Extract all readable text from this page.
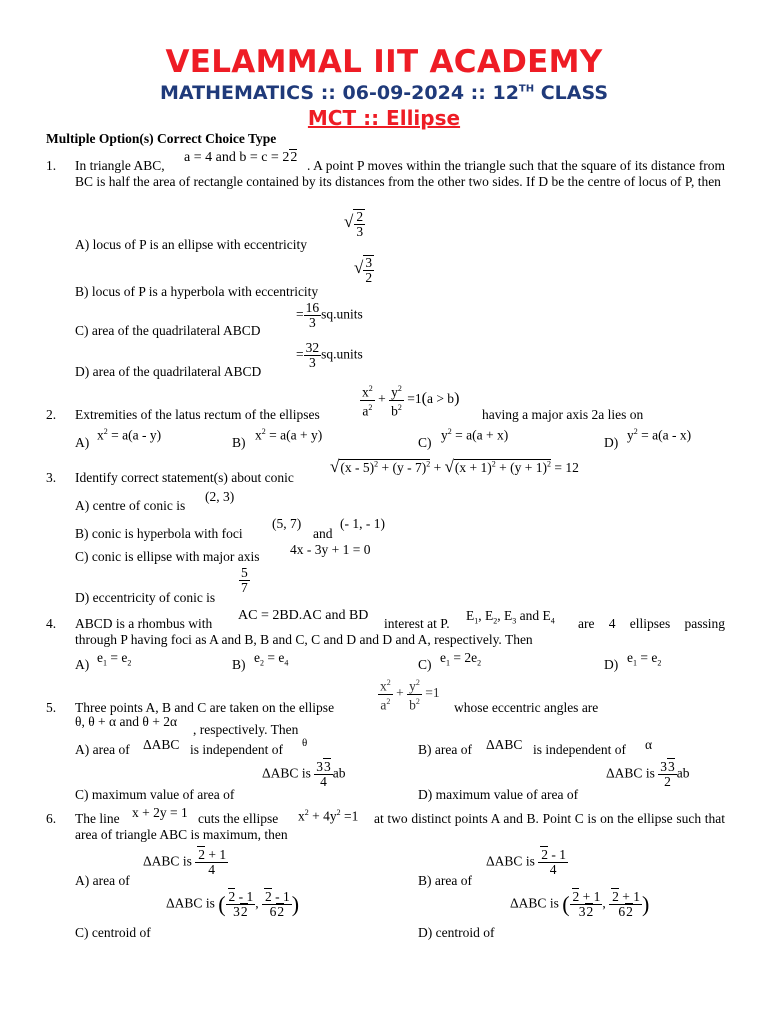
VELAMMAL IIT ACADEMY
MATHEMATICS :: 06-09-2024 :: 12TH CLASS
MCT :: Ellipse
Multiple Option(s) Correct Choice Type
1. In triangle ABC,
a = 4 and b = c = 22
. A point P moves within the triangle such that the square of its distance from BC is half the area of rectangle contained by its distances from the other two sides. If D be the centre of locus of P, then
A) locus of P is an ellipse with eccentricity
√ $\frac{2}{3}$
B) locus of P is a hyperbola with eccentricity
√ $\frac{3}{2}$
C) area of the quadrilateral ABCD
= $\frac{16}{3}$ sq.units
D) area of the quadrilateral ABCD
= $\frac{32}{3}$ sq.units
2. Extremities of the latus rectum of the ellipses	$\frac{x^2}{a^2} + \frac{y^2}{b^2} =1(a > b)$
having a major axis 2a lies on
A) $x^2 = a(a - y)$	B) $x^2 = a(a + y)$	C) $y^2 = a(a + x)$	D) $y^2 = a(a - x)$
3. Identify correct statement(s) about conic
$√(x - 5)^2 + (y - 7)^2 + √(x + 1)^2 + (y + 1)^2 = 12$
A) centre of conic is
(2, 3)
B) conic is hyperbola with foci
(5, 7)
and
(- 1, - 1)
C) conic is ellipse with major axis 4x - 3y + 1 = 0
D) eccentricity of conic is
$\frac{5}{7}$
4. ABCD is a rhombus with
AC = 2BD.AC and BD
interest at P.
$E_1$, $E_2$, $E_3$ and $E_4$	are 4 ellipses passing through P having foci as A and B, B and C, C and D and D and A, respectively. Then
A) $e_1 = e_2$	B) $e_2 = e_4$	C) $e_1 = 2e_2$	D) $e_1 = e_2$
5. Three points A, B and C are taken on the ellipse	$\frac{x^2}{a^2} + \frac{y^2}{b^2} =1$
whose eccentric angles are
θ, θ + α and θ + 2α
, respectively. Then
A) area of ΔABC is independent of θ	B) area of ΔABC is independent of α
C) maximum value of area of
ΔABC is $\frac{33}{4}$ ab
D) maximum value of area of
ΔABC is $\frac{33}{2}$ ab
6. The line x + 2y = 1 cuts the ellipse $x^2 + 4y^2 =1$	at two distinct points A and B. Point C is on the ellipse such that area of triangle ABC is maximum, then
A) area of
ΔABC is $\frac{2 + 1}{4}$
B) area of
ΔABC is $\frac{2 - 1}{4}$
C) centroid of
ΔABC is ( $\frac{2 - 1}{32}$ , $\frac{2 - 1}{62}$ )
D) centroid of
ΔABC is ( $\frac{2 + 1}{32}$ , $\frac{2 + 1}{62}$ )
